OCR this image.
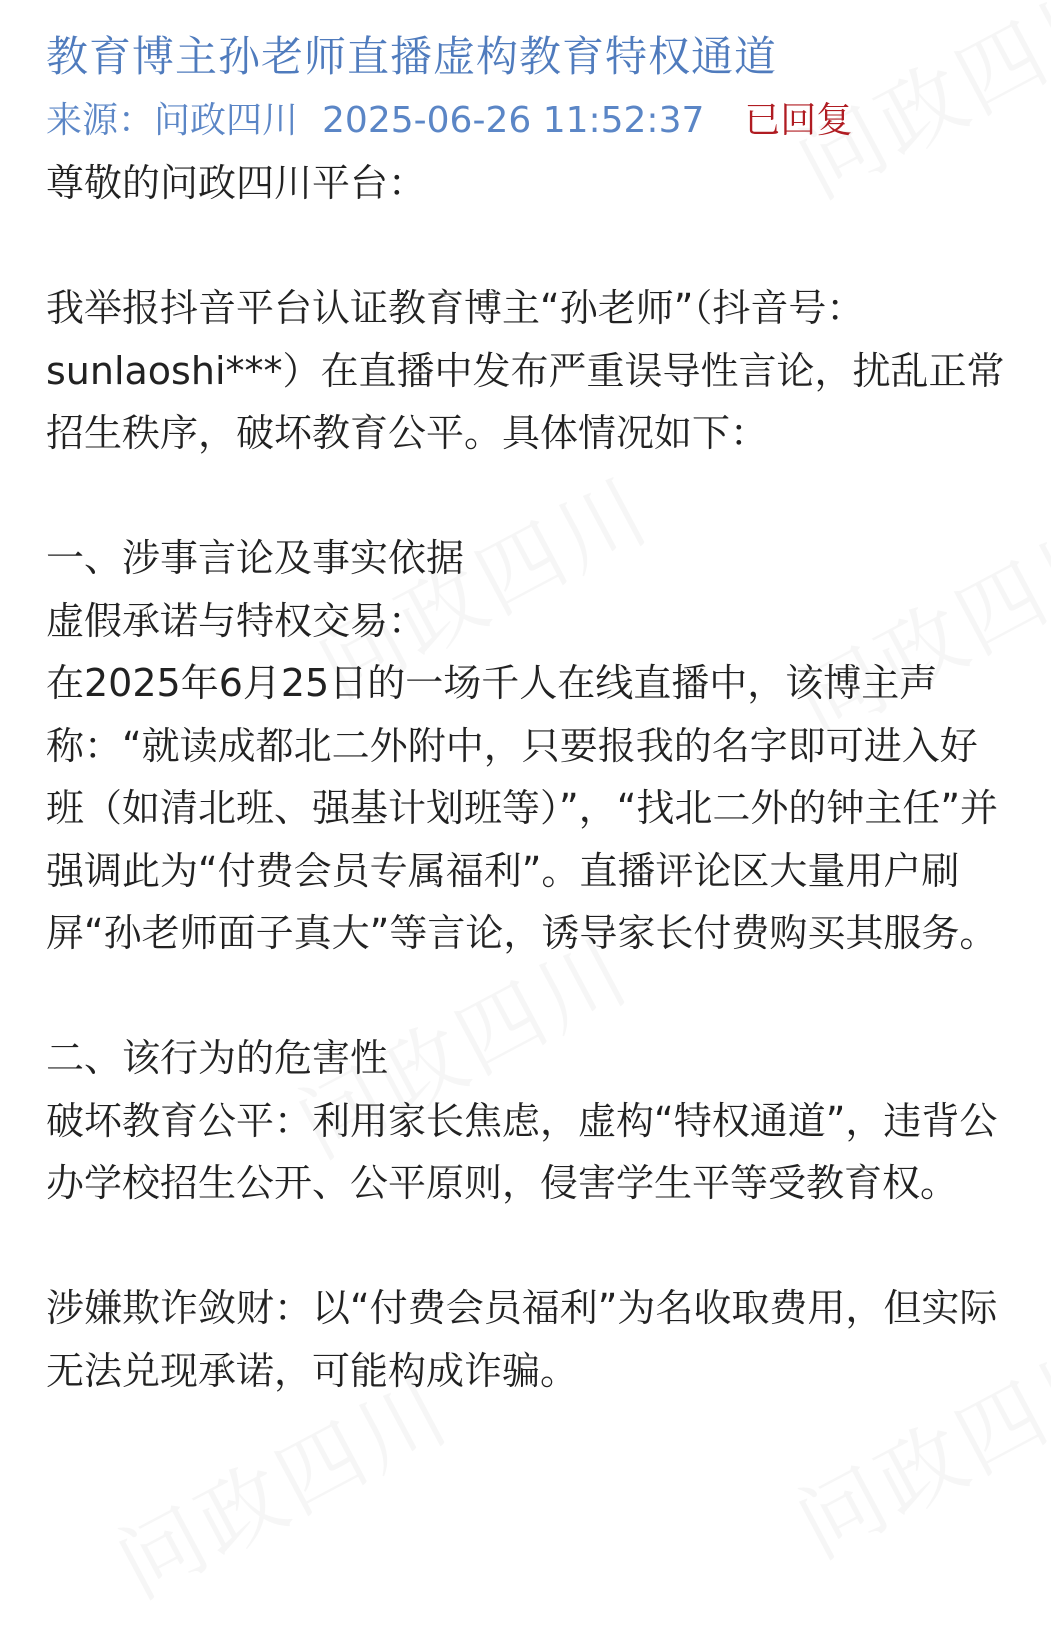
教育博主孙老师直播虚构教育特权通道
来源： 问政四川 2025-06-26 11:52:37 已回复

尊敬的问政四川平台：

我举报抖音平台认证教育博主“孙老师”（抖音号：sunlaoshi***）在直播中发布严重误导性言论，扰乱正常招生秩序，破坏教育公平。具体情况如下：

一、涉事言论及事实依据

虚假承诺与特权交易：

在2025年6月25日的一场千人在线直播中，该博主声称：“就读成都北二外附中，只要报我的名字即可进入好班（如清北班、强基计划班等）”，“找北二外的钟主任”并强调此为“付费会员专属福利”。直播评论区大量用户刷屏“孙老师面子真大”等言论，诱导家长付费购买其服务。

二、该行为的危害性

破坏教育公平：利用家长焦虑，虚构“特权通道”，违背公办学校招生公开、公平原则，侵害学生平等受教育权。

涉嫌欺诈敛财：以“付费会员福利”为名收取费用，但实际无法兑现承诺，可能构成诈骗。
